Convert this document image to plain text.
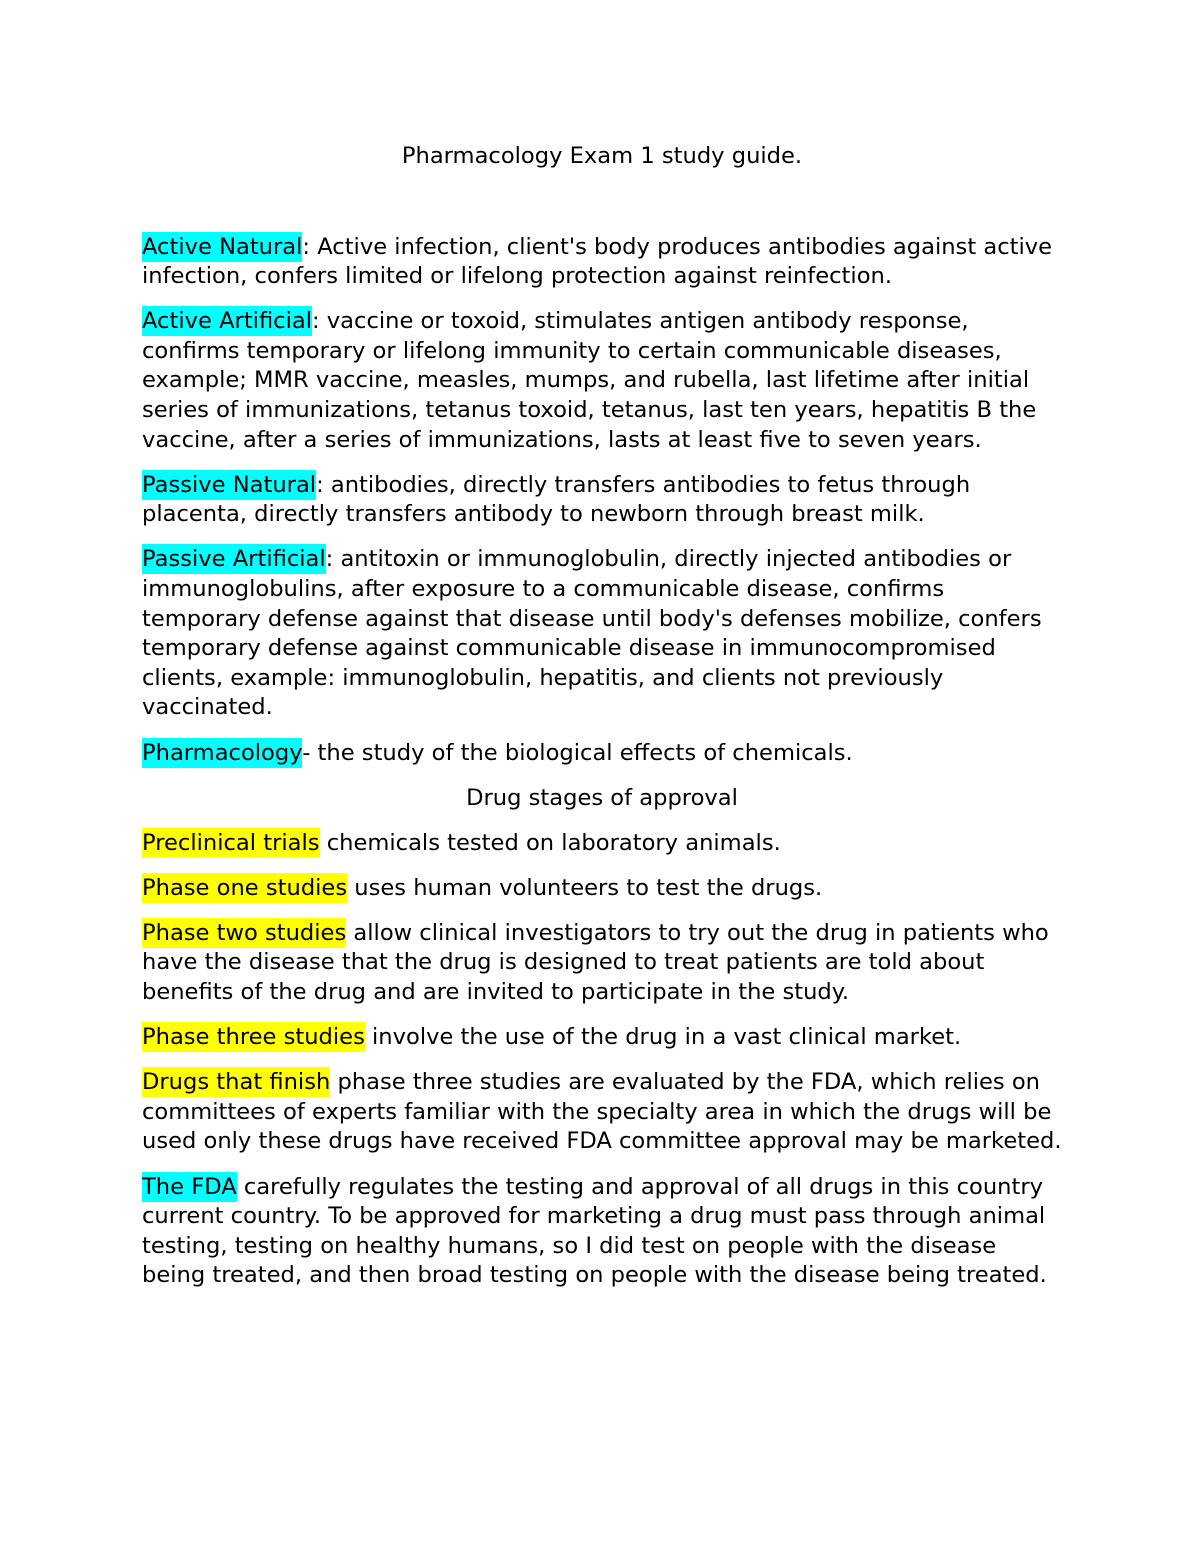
Pharmacology Exam 1 study guide.
Active Natural: Active infection, client's body produces antibodies against active infection, confers limited or lifelong protection against reinfection.
Active Artificial: vaccine or toxoid, stimulates antigen antibody response, confirms temporary or lifelong immunity to certain communicable diseases, example; MMR vaccine, measles, mumps, and rubella, last lifetime after initial series of immunizations, tetanus toxoid, tetanus, last ten years, hepatitis B the vaccine, after a series of immunizations, lasts at least five to seven years.
Passive Natural: antibodies, directly transfers antibodies to fetus through placenta, directly transfers antibody to newborn through breast milk.
Passive Artificial: antitoxin or immunoglobulin, directly injected antibodies or immunoglobulins, after exposure to a communicable disease, confirms temporary defense against that disease until body's defenses mobilize, confers temporary defense against communicable disease in immunocompromised clients, example: immunoglobulin, hepatitis, and clients not previously vaccinated.
Pharmacology- the study of the biological effects of chemicals.
Drug stages of approval
Preclinical trials chemicals tested on laboratory animals.
Phase one studies uses human volunteers to test the drugs.
Phase two studies allow clinical investigators to try out the drug in patients who have the disease that the drug is designed to treat patients are told about benefits of the drug and are invited to participate in the study.
Phase three studies involve the use of the drug in a vast clinical market.
Drugs that finish phase three studies are evaluated by the FDA, which relies on committees of experts familiar with the specialty area in which the drugs will be used only these drugs have received FDA committee approval may be marketed.
The FDA carefully regulates the testing and approval of all drugs in this country current country. To be approved for marketing a drug must pass through animal testing, testing on healthy humans, so I did test on people with the disease being treated, and then broad testing on people with the disease being treated.
